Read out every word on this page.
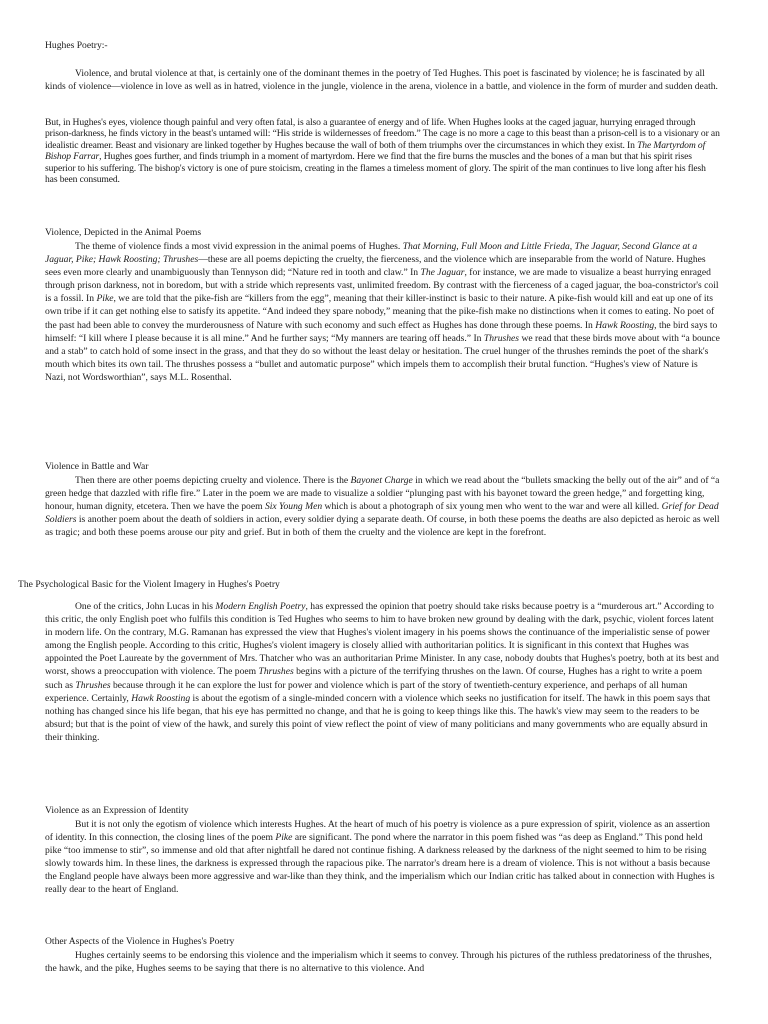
Hughes Poetry:-

Violence, and brutal violence at that, is certainly one of the dominant themes in the poetry of Ted Hughes. This poet is fascinated by violence; he is fascinated by all kinds of violence—violence in love as well as in hatred, violence in the jungle, violence in the arena, violence in a battle, and violence in the form of murder and sudden death.

But, in Hughes's eyes, violence though painful and very often fatal, is also a guarantee of energy and of life. When Hughes looks at the caged jaguar, hurrying enraged through prison-darkness, he finds victory in the beast's untamed will: “His stride is wildernesses of freedom.” The cage is no more a cage to this beast than a prison-cell is to a visionary or an idealistic dreamer. Beast and visionary are linked together by Hughes because the wall of both of them triumphs over the circumstances in which they exist. In The Martyrdom of Bishop Farrar, Hughes goes further, and finds triumph in a moment of martyrdom. Here we find that the fire burns the muscles and the bones of a man but that his spirit rises superior to his suffering. The bishop's victory is one of pure stoicism, creating in the flames a timeless moment of glory. The spirit of the man continues to live long after his flesh has been consumed.

Violence, Depicted in the Animal Poems

The theme of violence finds a most vivid expression in the animal poems of Hughes. That Morning, Full Moon and Little Frieda, The Jaguar, Second Glance at a Jaguar, Pike; Hawk Roosting; Thrushes—these are all poems depicting the cruelty, the fierceness, and the violence which are inseparable from the world of Nature. Hughes sees even more clearly and unambiguously than Tennyson did; “Nature red in tooth and claw.” In The Jaguar, for instance, we are made to visualize a beast hurrying enraged through prison darkness, not in boredom, but with a stride which represents vast, unlimited freedom. By contrast with the fierceness of a caged jaguar, the boa-constrictor's coil is a fossil. In Pike, we are told that the pike-fish are “killers from the egg”, meaning that their killer-instinct is basic to their nature. A pike-fish would kill and eat up one of its own tribe if it can get nothing else to satisfy its appetite. “And indeed they spare nobody,” meaning that the pike-fish make no distinctions when it comes to eating. No poet of the past had been able to convey the murderousness of Nature with such economy and such effect as Hughes has done through these poems. In Hawk Roosting, the bird says to himself: “I kill where I please because it is all mine.” And he further says; “My manners are tearing off heads.” In Thrushes we read that these birds move about with “a bounce and a stab” to catch hold of some insect in the grass, and that they do so without the least delay or hesitation. The cruel hunger of the thrushes reminds the poet of the shark's mouth which bites its own tail. The thrushes possess a “bullet and automatic purpose” which impels them to accomplish their brutal function. “Hughes's view of Nature is Nazi, not Wordsworthian”, says M.L. Rosenthal.

Violence in Battle and War

Then there are other poems depicting cruelty and violence. There is the Bayonet Charge in which we read about the “bullets smacking the belly out of the air” and of “a green hedge that dazzled with rifle fire.” Later in the poem we are made to visualize a soldier “plunging past with his bayonet toward the green hedge,” and forgetting king, honour, human dignity, etcetera. Then we have the poem Six Young Men which is about a photograph of six young men who went to the war and were all killed. Grief for Dead Soldiers is another poem about the death of soldiers in action, every soldier dying a separate death. Of course, in both these poems the deaths are also depicted as heroic as well as tragic; and both these poems arouse our pity and grief. But in both of them the cruelty and the violence are kept in the forefront.

The Psychological Basic for the Violent Imagery in Hughes's Poetry

One of the critics, John Lucas in his Modern English Poetry, has expressed the opinion that poetry should take risks because poetry is a “murderous art.” According to this critic, the only English poet who fulfils this condition is Ted Hughes who seems to him to have broken new ground by dealing with the dark, psychic, violent forces latent in modern life. On the contrary, M.G. Ramanan has expressed the view that Hughes's violent imagery in his poems shows the continuance of the imperialistic sense of power among the English people. According to this critic, Hughes's violent imagery is closely allied with authoritarian politics. It is significant in this context that Hughes was appointed the Poet Laureate by the government of Mrs. Thatcher who was an authoritarian Prime Minister. In any case, nobody doubts that Hughes's poetry, both at its best and worst, shows a preoccupation with violence. The poem Thrushes begins with a picture of the terrifying thrushes on the lawn. Of course, Hughes has a right to write a poem such as Thrushes because through it he can explore the lust for power and violence which is part of the story of twentieth-century experience, and perhaps of all human experience. Certainly, Hawk Roosting is about the egotism of a single-minded concern with a violence which seeks no justification for itself. The hawk in this poem says that nothing has changed since his life began, that his eye has permitted no change, and that he is going to keep things like this. The hawk's view may seem to the readers to be absurd; but that is the point of view of the hawk, and surely this point of view reflect the point of view of many politicians and many governments who are equally absurd in their thinking.

Violence as an Expression of Identity

But it is not only the egotism of violence which interests Hughes. At the heart of much of his poetry is violence as a pure expression of spirit, violence as an assertion of identity. In this connection, the closing lines of the poem Pike are significant. The pond where the narrator in this poem fished was “as deep as England.” This pond held pike “too immense to stir”, so immense and old that after nightfall he dared not continue fishing. A darkness released by the darkness of the night seemed to him to be rising slowly towards him. In these lines, the darkness is expressed through the rapacious pike. The narrator's dream here is a dream of violence. This is not without a basis because the England people have always been more aggressive and war-like than they think, and the imperialism which our Indian critic has talked about in connection with Hughes is really dear to the heart of England.

Other Aspects of the Violence in Hughes's Poetry

Hughes certainly seems to be endorsing this violence and the imperialism which it seems to convey. Through his pictures of the ruthless predatoriness of the thrushes, the hawk, and the pike, Hughes seems to be saying that there is no alternative to this violence. And
